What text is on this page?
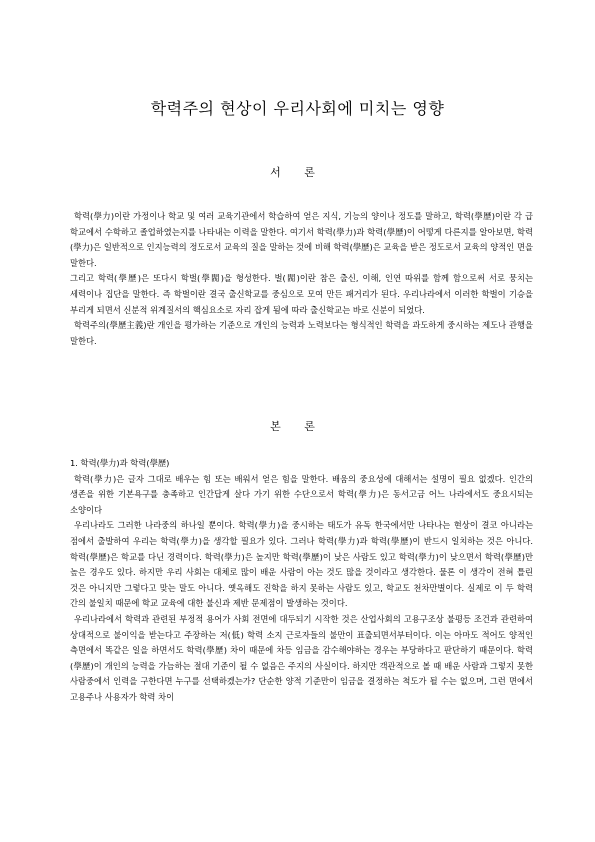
학력주의 현상이 우리사회에 미치는 영향
서 론

학력(學力)이란 가정이나 학교 및 여러 교육기관에서 학습하여 얻은 지식, 기능의 양이나 정도를 말하고, 학력(學歷)이란 각 급 학교에서 수학하고 졸업하였는지를 나타내는 이력을 말한다. 여기서 학력(學力)과 학력(學歷)이 어떻게 다른지를 알아보면, 학력(學力)은 일반적으로 인지능력의 정도로서 교육의 질을 말하는 것에 비해 학력(學歷)은 교육을 받은 정도로서 교육의 양적인 면을 말한다.

그리고 학력(學歷)은 또다시 학벌(學閥)을 형성한다. 벌(閥)이란 참은 출신, 이해, 인연 따위를 함께 함으로써 서로 뭉치는 세력이나 집단을 말한다. 즉 학벌이란 결국 출신학교를 중심으로 모여 만든 패거리가 된다. 우리나라에서 이러한 학벌이 기승을 부리게 되면서 신분적 위계질서의 핵심요소로 자리 잡게 됨에 따라 출신학교는 바로 신분이 되었다.

학력주의(學歷主義)란 개인을 평가하는 기준으로 개인의 능력과 노력보다는 형식적인 학력을 과도하게 중시하는 제도나 관행을 말한다.

본 론

1. 학력(學力)과 학력(學歷)

학력(學力)은 글자 그대로 배우는 힘 또는 배워서 얻은 힘을 말한다. 배움의 중요성에 대해서는 설명이 필요 없겠다. 인간의 생존을 위한 기본욕구를 충족하고 인간답게 살다 가기 위한 수단으로서 학력(學力)은 동서고금 어느 나라에서도 중요시되는 소양이다

우리나라도 그러한 나라중의 하나일 뿐이다. 학력(學力)을 중시하는 태도가 유독 한국에서만 나타나는 현상이 결코 아니라는 점에서 출발하여 우리는 학력(學力)을 생각할 필요가 있다. 그러나 학력(學力)과 학력(學歷)이 반드시 일치하는 것은 아니다. 학력(學歷)은 학교를 다닌 경력이다. 학력(學力)은 높지만 학력(學歷)이 낮은 사람도 있고 학력(學力)이 낮으면서 학력(學歷)만 높은 경우도 있다. 하지만 우리 사회는 대체로 많이 배운 사람이 아는 것도 많을 것이라고 생각한다. 물론 이 생각이 전혀 틀린 것은 아니지만 그렇다고 맞는 말도 아니다. 옛옥해도 진학을 하지 못하는 사람도 있고, 학교도 천차만별이다. 실제로 이 두 학력 간의 불일치 때문에 학교 교육에 대한 불신과 제반 문제점이 발생하는 것이다.

우리나라에서 학력과 관련된 부정적 용어가 사회 전면에 대두되기 시작한 것은 산업사회의 고용구조상 불평등 조건과 관련하여 상대적으로 불이익을 받는다고 주장하는 저(低) 학력 소지 근로자들의 불만이 표출되면서부터이다. 이는 아마도 적어도 양적인 측면에서 똑같은 일을 하면서도 학력(學歷) 차이 때문에 차등 임금을 감수해야하는 경우는 부당하다고 판단하기 때문이다. 학력(學歷)이 개인의 능력을 가늠하는 절대 기준이 될 수 없음은 주지의 사실이다. 하지만 객관적으로 볼 때 배운 사람과 그렇지 못한 사람중에서 인력을 구한다면 누구를 선택하겠는가? 단순한 양적 기준만이 임금을 결정하는 척도가 될 수는 없으며, 그런 면에서 고용주나 사용자가 학력 차이
